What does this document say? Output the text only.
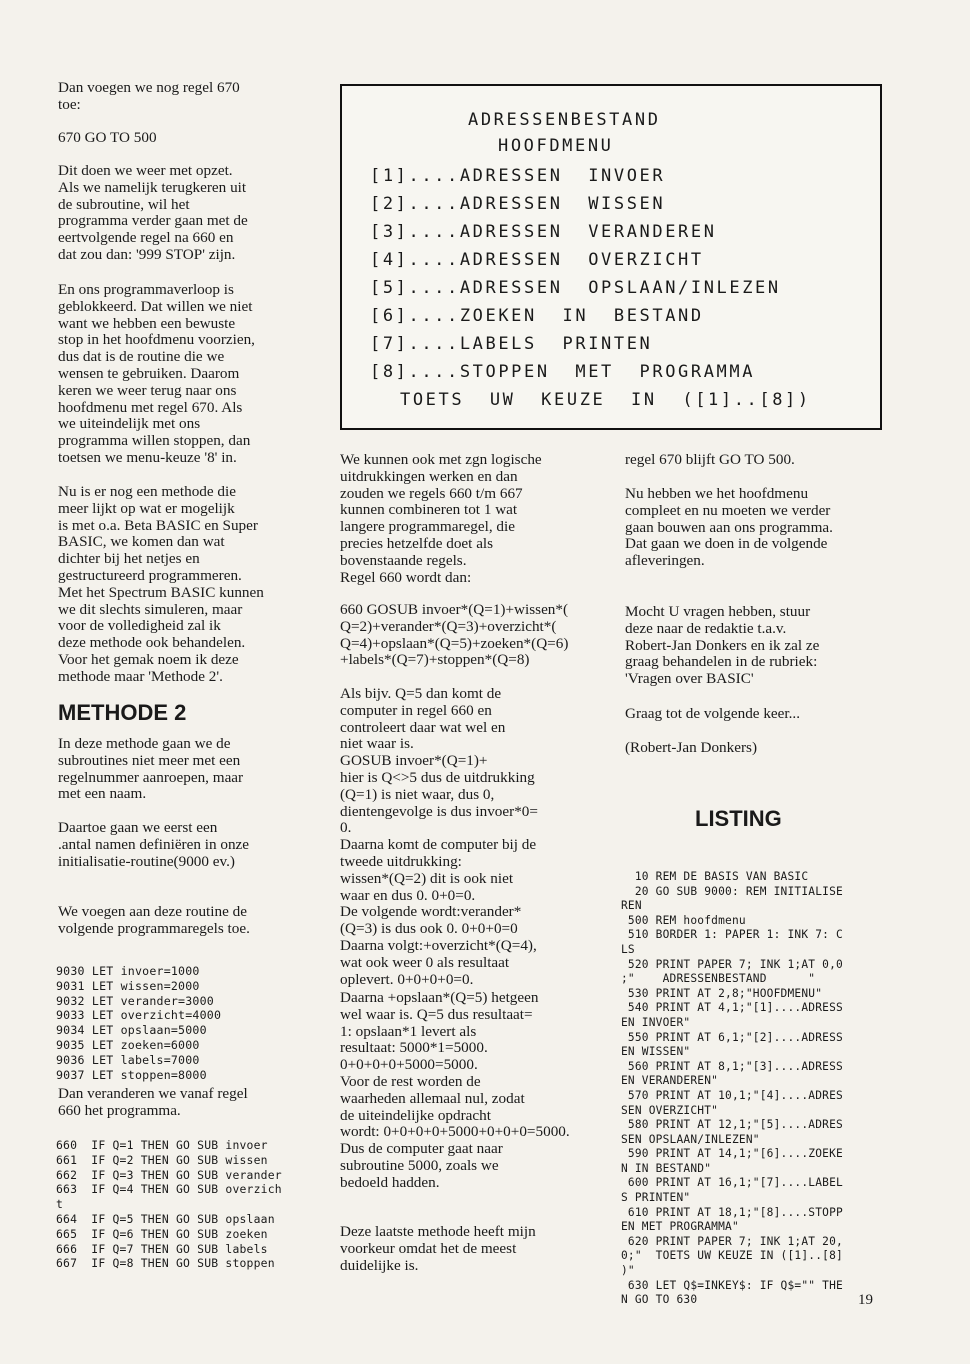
Dan voegen we nog regel 670
toe:

670 GO TO 500

Dit doen we weer met opzet.
Als we namelijk terugkeren uit
de subroutine, wil het
programma verder gaan met de
eertvolgende regel na 660 en
dat zou dan: '999 STOP' zijn.

En ons programmaverloop is
geblokkeerd. Dat willen we niet
want we hebben een bewuste
stop in het hoofdmenu voorzien,
dus dat is de routine die we
wensen te gebruiken. Daarom
keren we weer terug naar ons
hoofdmenu met regel 670. Als
we uiteindelijk met ons
programma willen stoppen, dan
toetsen we menu-keuze '8' in.

Nu is er nog een methode die
meer lijkt op wat er mogelijk
is met o.a. Beta BASIC en Super
BASIC, we komen dan wat
dichter bij het netjes en
gestructureerd programmeren.
Met het Spectrum BASIC kunnen
we dit slechts simuleren, maar
voor de volledigheid zal ik
deze methode ook behandelen.
Voor het gemak noem ik deze
methode maar 'Methode 2'.

METHODE 2

In deze methode gaan we de
subroutines niet meer met een
regelnummer aanroepen, maar
met een naam.

Daartoe gaan we eerst een
.antal namen definiëren in onze
initialisatie-routine(9000 ev.)

We voegen aan deze routine de
volgende programmaregels toe.

9030 LET invoer=1000
9031 LET wissen=2000
9032 LET verander=3000
9033 LET overzicht=4000
9034 LET opslaan=5000
9035 LET zoeken=6000
9036 LET labels=7000
9037 LET stoppen=8000

Dan veranderen we vanaf regel
660 het programma.

660  IF Q=1 THEN GO SUB invoer
661  IF Q=2 THEN GO SUB wissen
662  IF Q=3 THEN GO SUB verander
663  IF Q=4 THEN GO SUB overzich
t
664  IF Q=5 THEN GO SUB opslaan
665  IF Q=6 THEN GO SUB zoeken
666  IF Q=7 THEN GO SUB labels
667  IF Q=8 THEN GO SUB stoppen
ADRESSENBESTAND
HOOFDMENU
[1]....ADRESSEN  INVOER
[2]....ADRESSEN  WISSEN
[3]....ADRESSEN  VERANDEREN
[4]....ADRESSEN  OVERZICHT
[5]....ADRESSEN  OPSLAAN/INLEZEN
[6]....ZOEKEN  IN  BESTAND
[7]....LABELS  PRINTEN
[8]....STOPPEN  MET  PROGRAMMA
TOETS  UW  KEUZE  IN  ([1]..[8])

We kunnen ook met zgn logische
uitdrukkingen werken en dan
zouden we regels 660 t/m 667
kunnen combineren tot 1 wat
langere programmaregel, die
precies hetzelfde doet als
bovenstaande regels.
Regel 660 wordt dan:

660 GOSUB invoer*(Q=1)+wissen*(
Q=2)+verander*(Q=3)+overzicht*(
Q=4)+opslaan*(Q=5)+zoeken*(Q=6)
+labels*(Q=7)+stoppen*(Q=8)

Als bijv. Q=5 dan komt de
computer in regel 660 en
controleert daar wat wel en
niet waar is.
GOSUB invoer*(Q=1)+
hier is Q<>5 dus de uitdrukking
(Q=1) is niet waar, dus 0,
dientengevolge is dus invoer*0=
0.
Daarna komt de computer bij de
tweede uitdrukking:
wissen*(Q=2) dit is ook niet
waar en dus 0. 0+0=0.
De volgende wordt:verander*
(Q=3) is dus ook 0. 0+0+0=0
Daarna volgt:+overzicht*(Q=4),
wat ook weer 0 als resultaat
oplevert. 0+0+0+0=0.

Daarna +opslaan*(Q=5) hetgeen
wel waar is. Q=5 dus resultaat=
1: opslaan*1 levert als
resultaat: 5000*1=5000.
0+0+0+0+5000=5000.
Voor de rest worden de
waarheden allemaal nul, zodat
de uiteindelijke opdracht
wordt: 0+0+0+0+5000+0+0+0=5000.
Dus de computer gaat naar
subroutine 5000, zoals we
bedoeld hadden.

Deze laatste methode heeft mijn
voorkeur omdat het de meest
duidelijke is.

regel 670 blijft GO TO 500.

Nu hebben we het hoofdmenu
compleet en nu moeten we verder
gaan bouwen aan ons programma.
Dat gaan we doen in de volgende
afleveringen.

Mocht U vragen hebben, stuur
deze naar de redaktie t.a.v.
Robert-Jan Donkers en ik zal ze
graag behandelen in de rubriek:
'Vragen over BASIC'

Graag tot de volgende keer...

(Robert-Jan Donkers)

LISTING
10 REM DE BASIS VAN BASIC
20 GO SUB 9000: REM INITIALISE
REN
500 REM hoofdmenu
510 BORDER 1: PAPER 1: INK 7: C
LS
520 PRINT PAPER 7; INK 1;AT 0,0
;"    ADRESSENBESTAND      "
530 PRINT AT 2,8;"HOOFDMENU"
540 PRINT AT 4,1;"[1]....ADRESS
EN INVOER"
550 PRINT AT 6,1;"[2]....ADRESS
EN WISSEN"
560 PRINT AT 8,1;"[3]....ADRESS
EN VERANDEREN"
570 PRINT AT 10,1;"[4]....ADRES
SEN OVERZICHT"
580 PRINT AT 12,1;"[5]....ADRES
SEN OPSLAAN/INLEZEN"
590 PRINT AT 14,1;"[6]....ZOEKE
N IN BESTAND"
600 PRINT AT 16,1;"[7]....LABEL
S PRINTEN"
610 PRINT AT 18,1;"[8]....STOPP
EN MET PROGRAMMA"
620 PRINT PAPER 7; INK 1;AT 20,
0;"  TOETS UW KEUZE IN ([1]..[8]
)"
630 LET Q$=INKEY$: IF Q$="" THE
N GO TO 630	19
